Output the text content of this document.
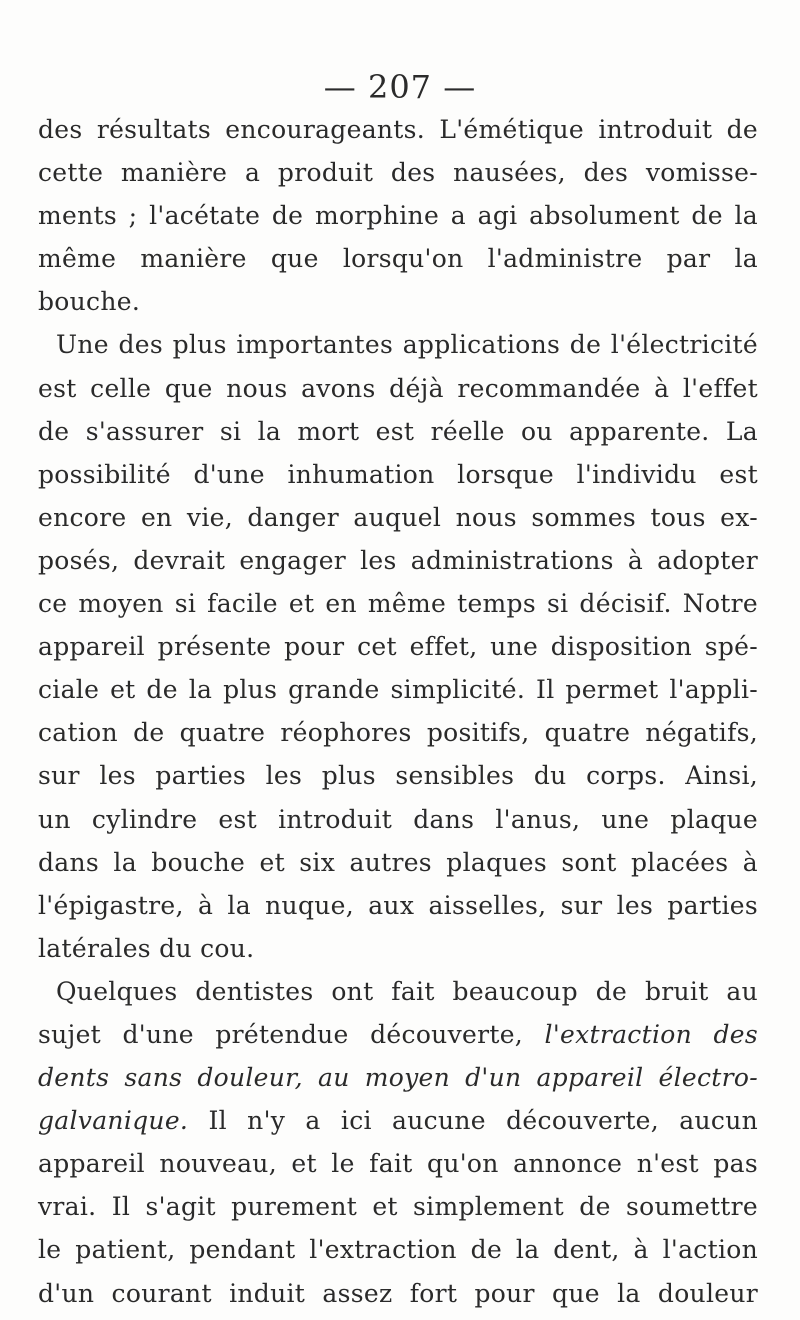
— 207 —
des résultats encourageants. L'émétique introduit de
cette manière a produit des nausées, des vomisse-
ments ; l'acétate de morphine a agi absolument de la
même manière que lorsqu'on l'administre par la
bouche.
Une des plus importantes applications de l'électricité
est celle que nous avons déjà recommandée à l'effet
de s'assurer si la mort est réelle ou apparente. La
possibilité d'une inhumation lorsque l'individu est
encore en vie, danger auquel nous sommes tous ex-
posés, devrait engager les administrations à adopter
ce moyen si facile et en même temps si décisif. Notre
appareil présente pour cet effet, une disposition spé-
ciale et de la plus grande simplicité. Il permet l'appli-
cation de quatre réophores positifs, quatre négatifs,
sur les parties les plus sensibles du corps. Ainsi,
un cylindre est introduit dans l'anus, une plaque
dans la bouche et six autres plaques sont placées à
l'épigastre, à la nuque, aux aisselles, sur les parties
latérales du cou.
Quelques dentistes ont fait beaucoup de bruit au
sujet d'une prétendue découverte, l'extraction des
dents sans douleur, au moyen d'un appareil électro-
galvanique. Il n'y a ici aucune découverte, aucun
appareil nouveau, et le fait qu'on annonce n'est pas
vrai. Il s'agit purement et simplement de soumettre
le patient, pendant l'extraction de la dent, à l'action
d'un courant induit assez fort pour que la douleur
